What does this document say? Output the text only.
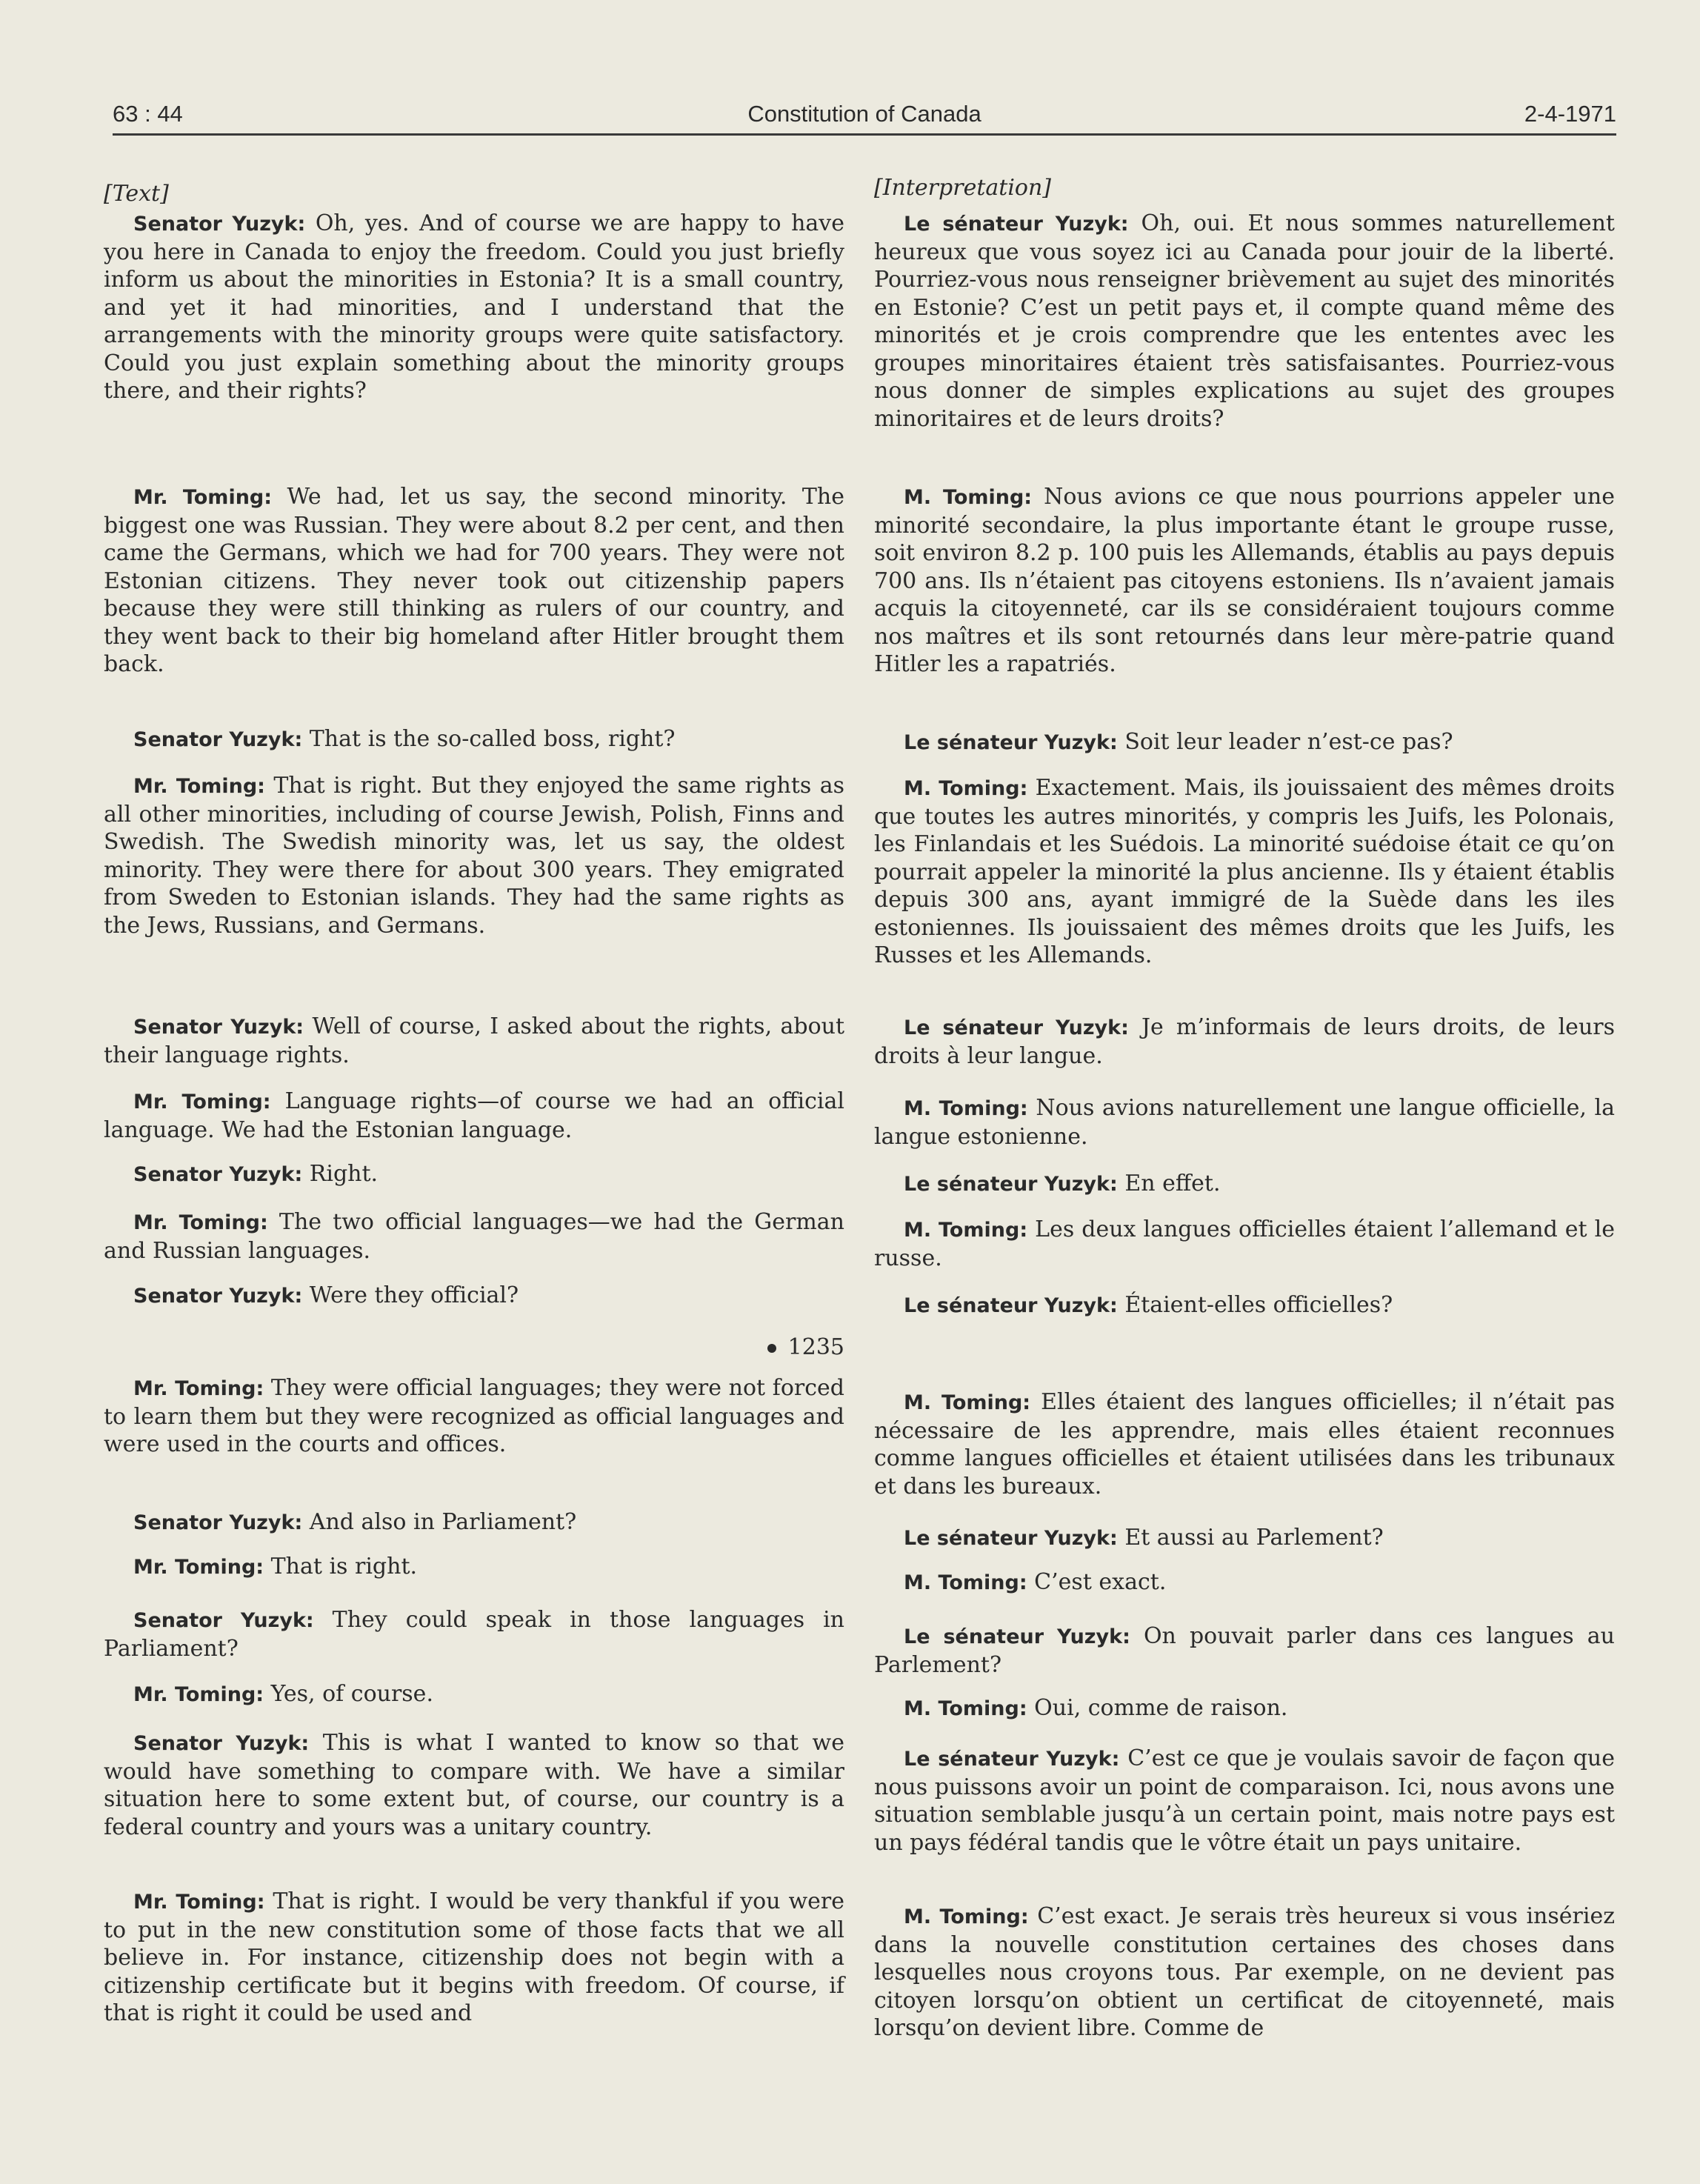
63 : 44	Constitution of Canada	2-4-1971

[Text]

Senator Yuzyk: Oh, yes. And of course we are happy to have you here in Canada to enjoy the freedom. Could you just briefly inform us about the minorities in Estonia? It is a small country, and yet it had minorities, and I understand that the arrangements with the minority groups were quite satisfactory. Could you just explain something about the minority groups there, and their rights?

Mr. Toming: We had, let us say, the second minority. The biggest one was Russian. They were about 8.2 per cent, and then came the Germans, which we had for 700 years. They were not Estonian citizens. They never took out citizenship papers because they were still thinking as rulers of our country, and they went back to their big homeland after Hitler brought them back.

Senator Yuzyk: That is the so-called boss, right?

Mr. Toming: That is right. But they enjoyed the same rights as all other minorities, including of course Jewish, Polish, Finns and Swedish. The Swedish minority was, let us say, the oldest minority. They were there for about 300 years. They emigrated from Sweden to Estonian islands. They had the same rights as the Jews, Russians, and Germans.

Senator Yuzyk: Well of course, I asked about the rights, about their language rights.

Mr. Toming: Language rights—of course we had an official language. We had the Estonian language.

Senator Yuzyk: Right.

Mr. Toming: The two official languages—we had the German and Russian languages.

Senator Yuzyk: Were they official?

1235

Mr. Toming: They were official languages; they were not forced to learn them but they were recognized as official languages and were used in the courts and offices.

Senator Yuzyk: And also in Parliament?

Mr. Toming: That is right.

Senator Yuzyk: They could speak in those languages in Parliament?

Mr. Toming: Yes, of course.

Senator Yuzyk: This is what I wanted to know so that we would have something to compare with. We have a similar situation here to some extent but, of course, our country is a federal country and yours was a unitary country.

Mr. Toming: That is right. I would be very thankful if you were to put in the new constitution some of those facts that we all believe in. For instance, citizenship does not begin with a citizenship certificate but it begins with freedom. Of course, if that is right it could be used and

[Interpretation]

Le sénateur Yuzyk: Oh, oui. Et nous sommes naturellement heureux que vous soyez ici au Canada pour jouir de la liberté. Pourriez-vous nous renseigner brièvement au sujet des minorités en Estonie? C’est un petit pays et, il compte quand même des minorités et je crois comprendre que les ententes avec les groupes minoritaires étaient très satisfaisantes. Pourriez-vous nous donner de simples explications au sujet des groupes minoritaires et de leurs droits?

M. Toming: Nous avions ce que nous pourrions appeler une minorité secondaire, la plus importante étant le groupe russe, soit environ 8.2 p. 100 puis les Allemands, établis au pays depuis 700 ans. Ils n’étaient pas citoyens estoniens. Ils n’avaient jamais acquis la citoyenneté, car ils se considéraient toujours comme nos maîtres et ils sont retournés dans leur mère-patrie quand Hitler les a rapatriés.

Le sénateur Yuzyk: Soit leur leader n’est-ce pas?

M. Toming: Exactement. Mais, ils jouissaient des mêmes droits que toutes les autres minorités, y compris les Juifs, les Polonais, les Finlandais et les Suédois. La minorité suédoise était ce qu’on pourrait appeler la minorité la plus ancienne. Ils y étaient établis depuis 300 ans, ayant immigré de la Suède dans les iles estoniennes. Ils jouissaient des mêmes droits que les Juifs, les Russes et les Allemands.

Le sénateur Yuzyk: Je m’informais de leurs droits, de leurs droits à leur langue.

M. Toming: Nous avions naturellement une langue officielle, la langue estonienne.

Le sénateur Yuzyk: En effet.

M. Toming: Les deux langues officielles étaient l’allemand et le russe.

Le sénateur Yuzyk: Étaient-elles officielles?

M. Toming: Elles étaient des langues officielles; il n’était pas nécessaire de les apprendre, mais elles étaient reconnues comme langues officielles et étaient utilisées dans les tribunaux et dans les bureaux.

Le sénateur Yuzyk: Et aussi au Parlement?

M. Toming: C’est exact.

Le sénateur Yuzyk: On pouvait parler dans ces langues au Parlement?

M. Toming: Oui, comme de raison.

Le sénateur Yuzyk: C’est ce que je voulais savoir de façon que nous puissons avoir un point de comparaison. Ici, nous avons une situation semblable jusqu’à un certain point, mais notre pays est un pays fédéral tandis que le vôtre était un pays unitaire.

M. Toming: C’est exact. Je serais très heureux si vous insériez dans la nouvelle constitution certaines des choses dans lesquelles nous croyons tous. Par exemple, on ne devient pas citoyen lorsqu’on obtient un certificat de citoyenneté, mais lorsqu’on devient libre. Comme de
